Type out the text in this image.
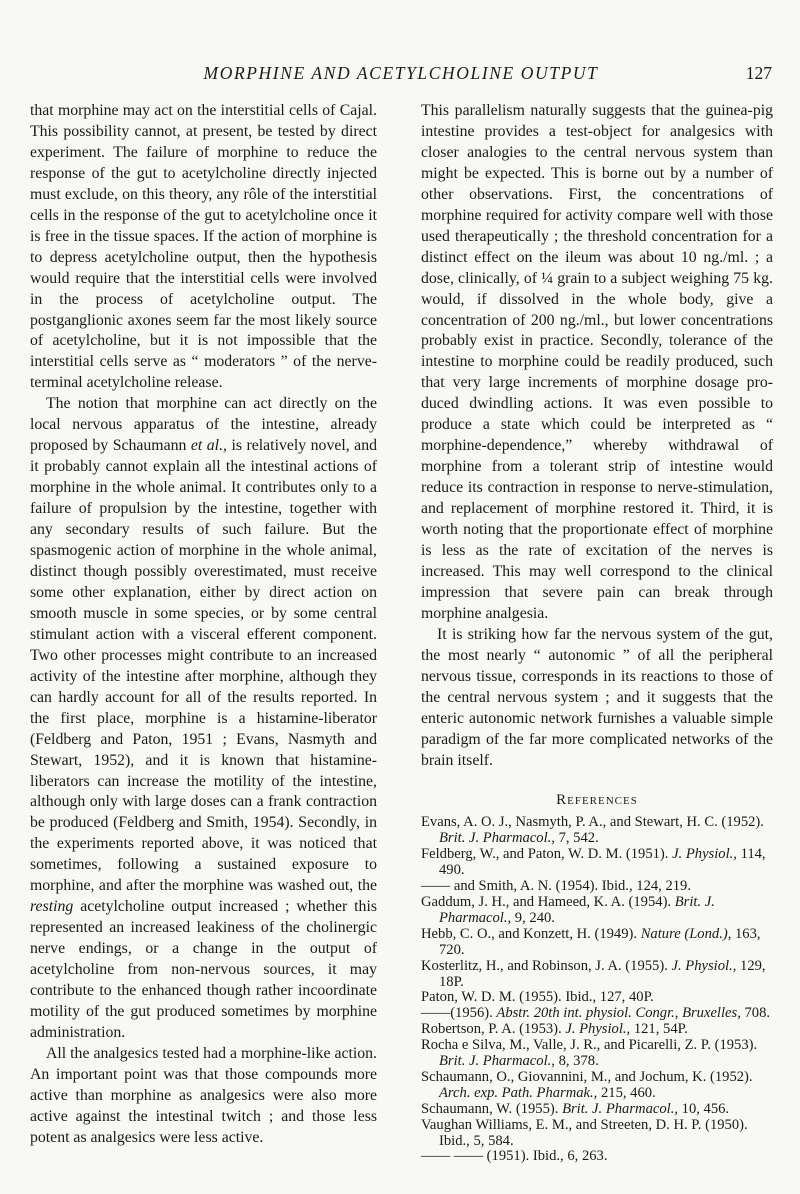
MORPHINE AND ACETYLCHOLINE OUTPUT	127

that morphine may act on the interstitial cells of Cajal. This possibility cannot, at present, be tested by direct experiment. The failure of morphine to reduce the response of the gut to acetylcholine directly injected must exclude, on this theory, any rôle of the interstitial cells in the response of the gut to acetylcholine once it is free in the tissue spaces. If the action of morphine is to depress acetylcholine output, then the hypothesis would require that the interstitial cells were involved in the process of acetylcholine output. The postganglionic axones seem far the most likely source of acetylcholine, but it is not impossible that the interstitial cells serve as “ moderators ” of the nerve-terminal acetylcholine release.

The notion that morphine can act directly on the local nervous apparatus of the intestine, already proposed by Schaumann et al., is relatively novel, and it probably cannot explain all the intestinal actions of morphine in the whole animal. It contributes only to a failure of propulsion by the intestine, together with any secondary results of such failure. But the spasmogenic action of morphine in the whole animal, distinct though possibly overestimated, must receive some other explanation, either by direct action on smooth muscle in some species, or by some central stimulant action with a visceral efferent component. Two other processes might contribute to an increased activity of the intestine after morphine, although they can hardly account for all of the results reported. In the first place, morphine is a histamine-liberator (Feldberg and Paton, 1951 ; Evans, Nasmyth and Stewart, 1952), and it is known that histamine-liberators can increase the motility of the intestine, although only with large doses can a frank contraction be produced (Feldberg and Smith, 1954). Secondly, in the experiments reported above, it was noticed that sometimes, following a sustained exposure to morphine, and after the morphine was washed out, the resting acetylcholine output increased ; whether this represented an increased leakiness of the cholinergic nerve endings, or a change in the output of acetylcholine from non-nervous sources, it may contribute to the enhanced though rather incoordinate motility of the gut produced sometimes by morphine administration.

All the analgesics tested had a morphine-like action. An important point was that those compounds more active than morphine as analgesics were also more active against the intestinal twitch ; and those less potent as analgesics were less active.

This parallelism naturally suggests that the guinea-pig intestine provides a test-object for analgesics with closer analogies to the central nervous system than might be expected. This is borne out by a number of other observations. First, the concentrations of morphine required for activity compare well with those used therapeutically ; the threshold concentration for a distinct effect on the ileum was about 10 ng./ml. ; a dose, clinically, of ¼ grain to a subject weighing 75 kg. would, if dissolved in the whole body, give a concentration of 200 ng./ml., but lower concentrations probably exist in practice. Secondly, tolerance of the intestine to morphine could be readily produced, such that very large increments of morphine dosage produced dwindling actions. It was even possible to produce a state which could be interpreted as “ morphine-dependence,” whereby withdrawal of morphine from a tolerant strip of intestine would reduce its contraction in response to nerve-stimulation, and replacement of morphine restored it. Third, it is worth noting that the proportionate effect of morphine is less as the rate of excitation of the nerves is increased. This may well correspond to the clinical impression that severe pain can break through morphine analgesia.

It is striking how far the nervous system of the gut, the most nearly “ autonomic ” of all the peripheral nervous tissue, corresponds in its reactions to those of the central nervous system ; and it suggests that the enteric autonomic network furnishes a valuable simple paradigm of the far more complicated networks of the brain itself.

References
Evans, A. O. J., Nasmyth, P. A., and Stewart, H. C. (1952). Brit. J. Pharmacol., 7, 542.
Feldberg, W., and Paton, W. D. M. (1951). J. Physiol., 114, 490.
—— and Smith, A. N. (1954). Ibid., 124, 219.
Gaddum, J. H., and Hameed, K. A. (1954). Brit. J. Pharmacol., 9, 240.
Hebb, C. O., and Konzett, H. (1949). Nature (Lond.), 163, 720.
Kosterlitz, H., and Robinson, J. A. (1955). J. Physiol., 129, 18P.
Paton, W. D. M. (1955). Ibid., 127, 40P.
——(1956). Abstr. 20th int. physiol. Congr., Bruxelles, 708.
Robertson, P. A. (1953). J. Physiol., 121, 54P.
Rocha e Silva, M., Valle, J. R., and Picarelli, Z. P. (1953). Brit. J. Pharmacol., 8, 378.
Schaumann, O., Giovannini, M., and Jochum, K. (1952). Arch. exp. Path. Pharmak., 215, 460.
Schaumann, W. (1955). Brit. J. Pharmacol., 10, 456.
Vaughan Williams, E. M., and Streeten, D. H. P. (1950). Ibid., 5, 584.
—— —— (1951). Ibid., 6, 263.
